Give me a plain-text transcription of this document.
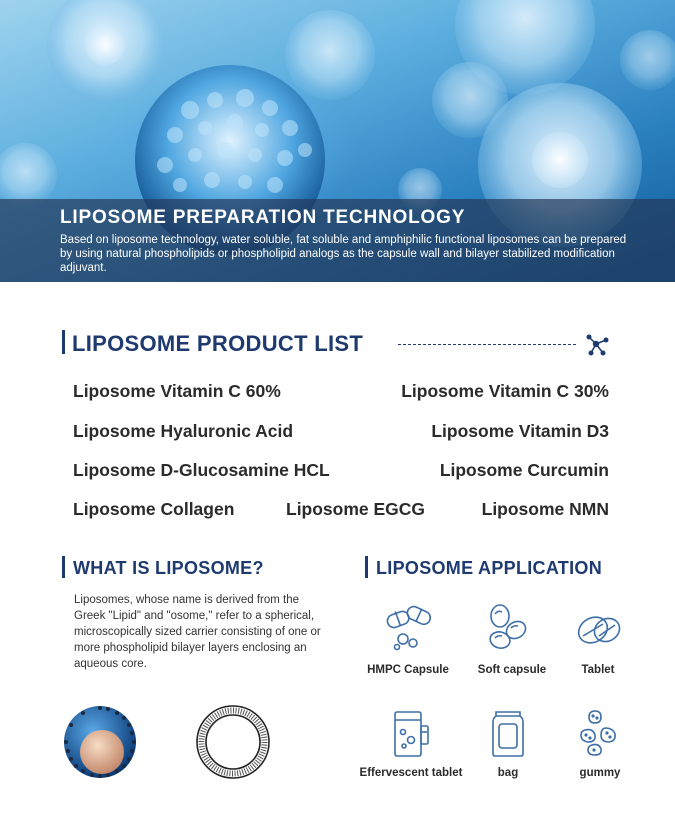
LIPOSOME PREPARATION TECHNOLOGY
Based on liposome technology, water soluble, fat soluble and amphiphilic functional liposomes can be prepared by using natural phospholipids or phospholipid analogs as the capsule wall and bilayer stabilized modification adjuvant.
LIPOSOME PRODUCT LIST
Liposome Vitamin C 60%	Liposome Vitamin C 30%
Liposome Hyaluronic Acid	Liposome Vitamin D3
Liposome D-Glucosamine HCL	Liposome Curcumin
Liposome Collagen	Liposome EGCG	Liposome NMN
WHAT IS LIPOSOME?
Liposomes, whose name is derived from the Greek "Lipid" and "osome," refer to a spherical, microscopically sized carrier consisting of one or more phospholipid bilayer layers enclosing an aqueous core.
LIPOSOME APPLICATION
HMPC Capsule	Soft capsule	Tablet
Effervescent tablet	bag	gummy
